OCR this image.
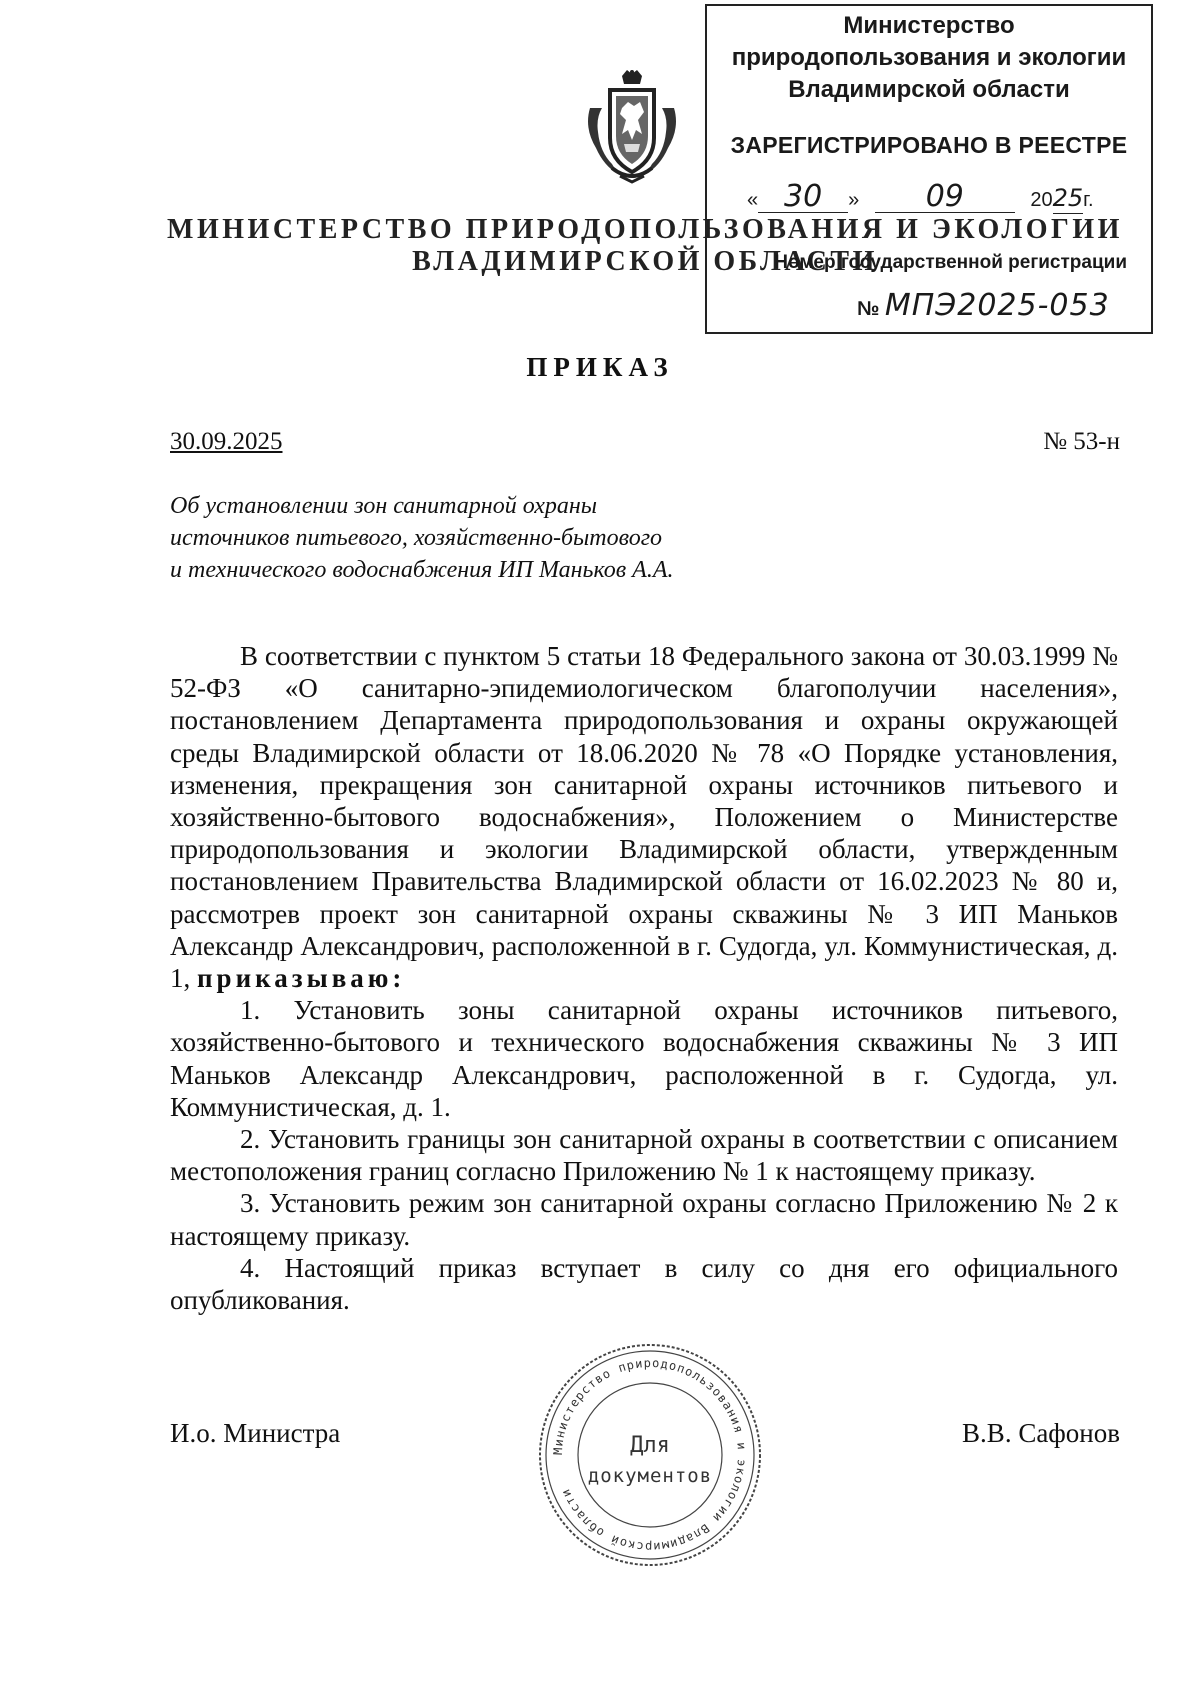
МИНИСТЕРСТВО ПРИРОДОПОЛЬЗОВАНИЯ И ЭКОЛОГИИ
ВЛАДИМИРСКОЙ ОБЛАСТИ
Министерство
природопользования и экологии
Владимирской области
ЗАРЕГИСТРИРОВАНО В РЕЕСТРЕ
« 30 » 09	2025г.
Номер государственной регистрации
№ МПЭ2025-053
ПРИКАЗ
30.09.2025	№ 53-н
Об установлении зон санитарной охраны
источников питьевого, хозяйственно-бытового
и технического водоснабжения ИП Маньков А.А.

В соответствии с пунктом 5 статьи 18 Федерального закона от 30.03.1999 № 52-ФЗ «О санитарно-эпидемиологическом благополучии населения», постановлением Департамента природопользования и охраны окружающей среды Владимирской области от 18.06.2020 № 78 «О Порядке установления, изменения, прекращения зон санитарной охраны источников питьевого и хозяйственно-бытового водоснабжения», Положением о Министерстве природопользования и экологии Владимирской области, утвержденным постановлением Правительства Владимирской области от 16.02.2023 № 80 и, рассмотрев проект зон санитарной охраны скважины № 3 ИП Маньков Александр Александрович, расположенной в г. Судогда, ул. Коммунистическая, д. 1, приказываю:

1. Установить зоны санитарной охраны источников питьевого, хозяйственно-бытового и технического водоснабжения скважины № 3 ИП Маньков Александр Александрович, расположенной в г. Судогда, ул. Коммунистическая, д. 1.

2. Установить границы зон санитарной охраны в соответствии с описанием местоположения границ согласно Приложению № 1 к настоящему приказу.

3. Установить режим зон санитарной охраны согласно Приложению № 2 к настоящему приказу.

4. Настоящий приказ вступает в силу со дня его официального опубликования.

И.о. Министра	В.В. Сафонов
Министерство природопользования и экологии Владимирской области
Для
документов
